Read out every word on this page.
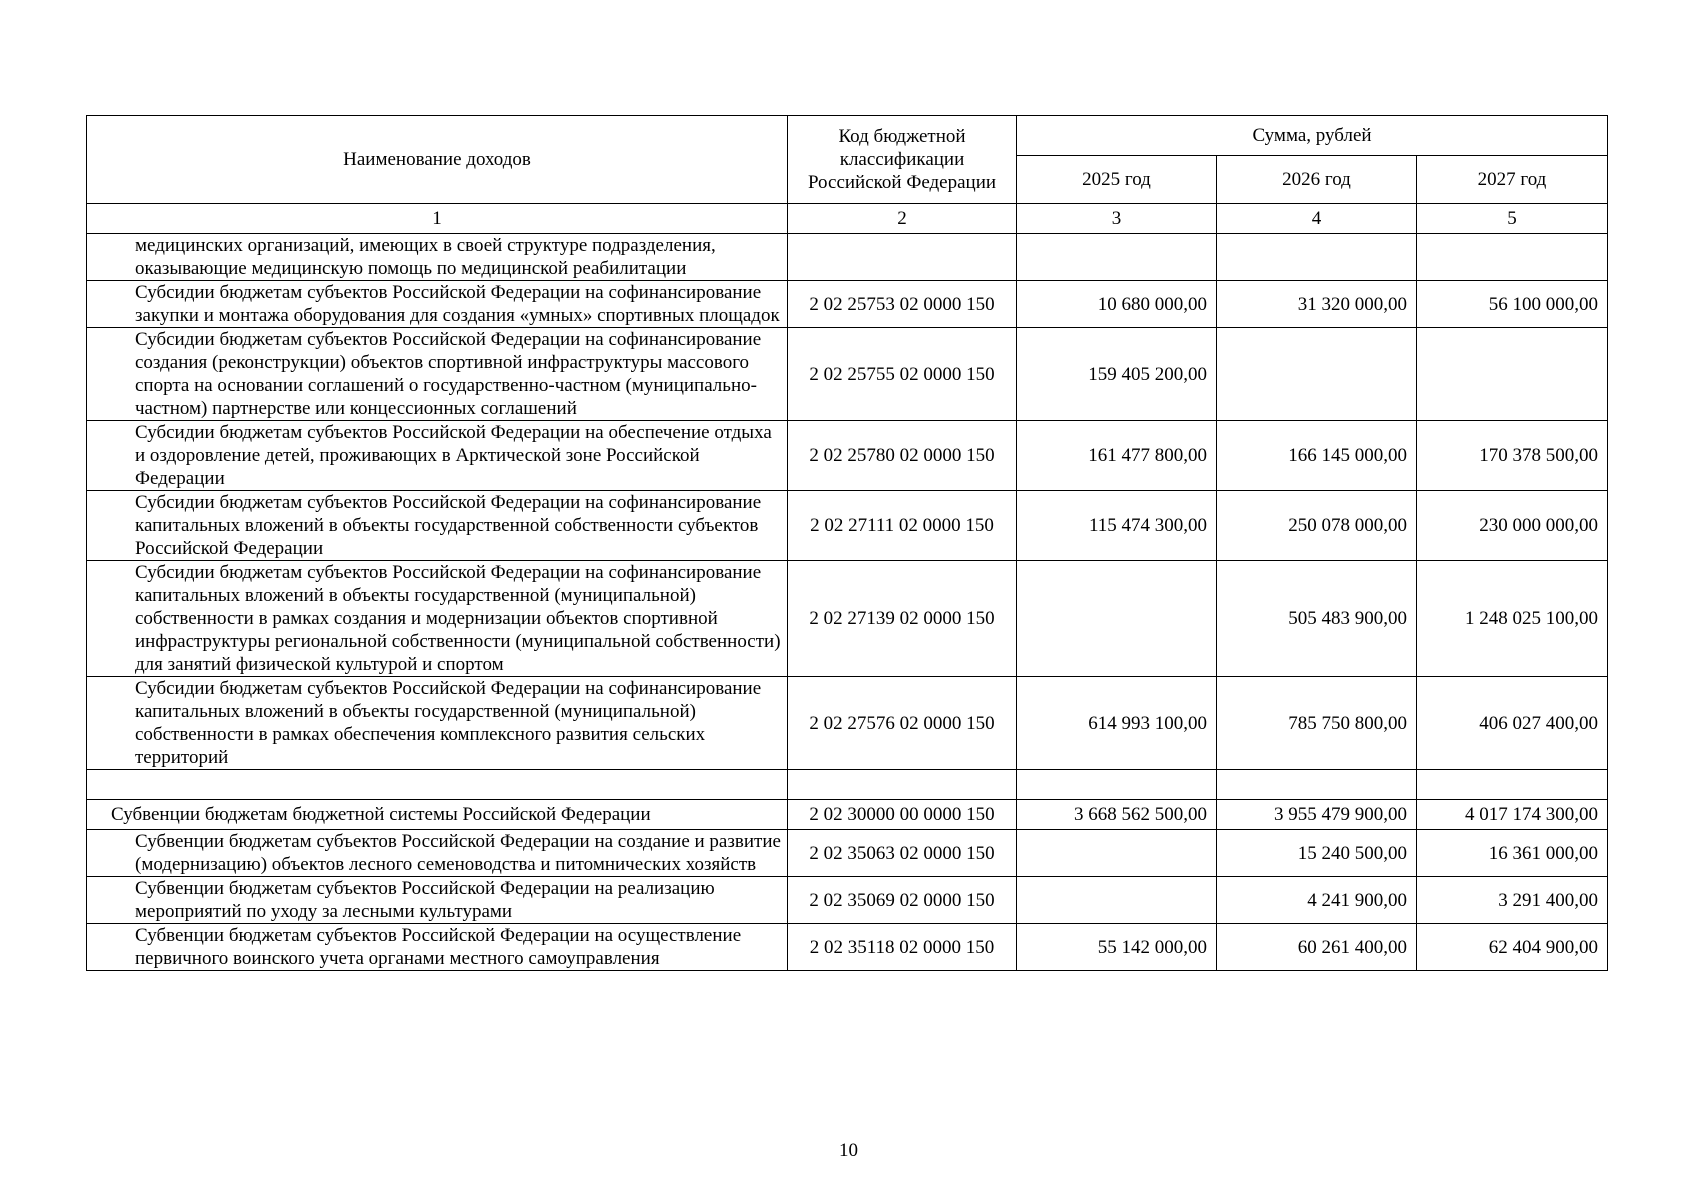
Наименование доходов	Код бюджетной классификации Российской Федерации	Сумма, рублей		
		2025 год	2026 год	2027 год
1	2	3	4	5
медицинских организаций, имеющих в своей структуре подразделения, оказывающие медицинскую помощь по медицинской реабилитации				
Субсидии бюджетам субъектов Российской Федерации на софинансирование закупки и монтажа оборудования для создания «умных» спортивных площадок	2 02 25753 02 0000 150	10 680 000,00	31 320 000,00	56 100 000,00
Субсидии бюджетам субъектов Российской Федерации на софинансирование создания (реконструкции) объектов спортивной инфраструктуры массового спорта на основании соглашений о государственно-частном (муниципально-частном) партнерстве или концессионных соглашений	2 02 25755 02 0000 150	159 405 200,00		
Субсидии бюджетам субъектов Российской Федерации на обеспечение отдыха и оздоровление детей, проживающих в Арктической зоне Российской Федерации	2 02 25780 02 0000 150	161 477 800,00	166 145 000,00	170 378 500,00
Субсидии бюджетам субъектов Российской Федерации на софинансирование капитальных вложений в объекты государственной собственности субъектов Российской Федерации	2 02 27111 02 0000 150	115 474 300,00	250 078 000,00	230 000 000,00
Субсидии бюджетам субъектов Российской Федерации на софинансирование капитальных вложений в объекты государственной (муниципальной) собственности в рамках создания и модернизации объектов спортивной инфраструктуры региональной собственности (муниципальной собственности) для занятий физической культурой и спортом	2 02 27139 02 0000 150		505 483 900,00	1 248 025 100,00
Субсидии бюджетам субъектов Российской Федерации на софинансирование капитальных вложений в объекты государственной (муниципальной) собственности в рамках обеспечения комплексного развития сельских территорий	2 02 27576 02 0000 150	614 993 100,00	785 750 800,00	406 027 400,00

Субвенции бюджетам бюджетной системы Российской Федерации	2 02 30000 00 0000 150	3 668 562 500,00	3 955 479 900,00	4 017 174 300,00
Субвенции бюджетам субъектов Российской Федерации на создание и развитие (модернизацию) объектов лесного семеноводства и питомнических хозяйств	2 02 35063 02 0000 150		15 240 500,00	16 361 000,00
Субвенции бюджетам субъектов Российской Федерации на реализацию мероприятий по уходу за лесными культурами	2 02 35069 02 0000 150		4 241 900,00	3 291 400,00
Субвенции бюджетам субъектов Российской Федерации на осуществление первичного воинского учета органами местного самоуправления	2 02 35118 02 0000 150	55 142 000,00	60 261 400,00	62 404 900,00
10
